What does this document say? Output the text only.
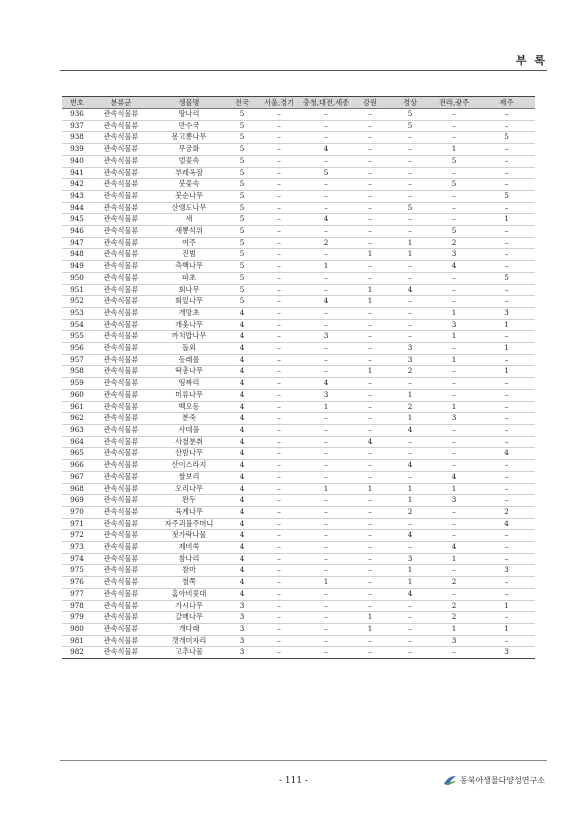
부 록
번호	분류군	생물명	전국	서울,경기	충청,대전,세종	강원	경상	전라,광주	제주
936	관속식물류	땅나리	5	–	–	–	5	–	–
937	관속식물류	만수국	5	–	–	–	5	–	–
938	관속식물류	몽고뽕나무	5	–	–	–	–	–	5
939	관속식물류	무궁화	5	–	4	–	–	1	–
940	관속식물류	벌꽃속	5	–	–	–	–	5	–
941	관속식물류	부레옥잠	5	–	5	–	–	–	–
942	관속식물류	붓꽃속	5	–	–	–	–	5	–
943	관속식물류	붓순나무	5	–	–	–	–	–	5
944	관속식물류	산앵도나무	5	–	–	–	5	–	–
945	관속식물류	새	5	–	4	–	–	–	1
946	관속식물류	새뽕석위	5	–	–	–	–	5	–
947	관속식물류	여주	5	–	2	–	1	2	–
948	관속식물류	진범	5	–	–	1	1	3	–
949	관속식물류	측백나무	5	–	1	–	–	4	–
950	관속식물류	파초	5	–	–	–	–	–	5
951	관속식물류	회나무	5	–	–	1	4	–	–
952	관속식물류	회잎나무	5	–	4	1	–	–	–
953	관속식물류	개망초	4	–	–	–	–	1	3
954	관속식물류	개옻나무	4	–	–	–	–	3	1
955	관속식물류	까치밥나무	4	–	3	–	–	1	–
956	관속식물류	돌외	4	–	–	–	3	–	1
957	관속식물류	동래롤	4	–	–	–	3	1	–
958	관속식물류	딱총나무	4	–	–	1	2	–	1
959	관속식물류	띵짜리	4	–	4	–	–	–	–
960	관속식물류	미류나무	4	–	3	–	1	–	–
961	관속식물류	백오동	4	–	1	–	2	1	–
962	관속식물류	분죽	4	–	–	–	1	3	–
963	관속식물류	사데풀	4	–	–	–	4	–	–
964	관속식물류	사철분취	4	–	–	4	–	–	–
965	관속식물류	산밤나무	4	–	–	–	–	–	4
966	관속식물류	산이스라지	4	–	–	–	4	–	–
967	관속식물류	쌀보리	4	–	–	–	–	4	–
968	관속식물류	오리나무	4	–	1	1	1	1	–
969	관속식물류	완두	4	–	–	–	1	3	–
970	관속식물류	육계나무	4	–	–	–	2	–	2
971	관속식물류	자주괴불주머니	4	–	–	–	–	–	4
972	관속식물류	젓가락나물	4	–	–	–	4	–	–
973	관속식물류	제비쑥	4	–	–	–	–	4	–
974	관속식물류	참나리	4	–	–	–	3	1	–
975	관속식물류	참마	4	–	–	–	1	–	3
976	관속식물류	철쭉	4	–	1	–	1	2	–
977	관속식물류	홈아비꽃대	4	–	–	–	4	–	–
978	관속식물류	가시나무	3	–	–	–	–	2	1
979	관속식물류	갈매나무	3	–	–	1	–	2	–
980	관속식물류	개다래	3	–	–	1	–	1	1
981	관속식물류	갯개미자리	3	–	–	–	–	3	–
982	관속식물류	고추나물	3	–	–	–	–	–	3
- 111 -	동북아생물다양성연구소
